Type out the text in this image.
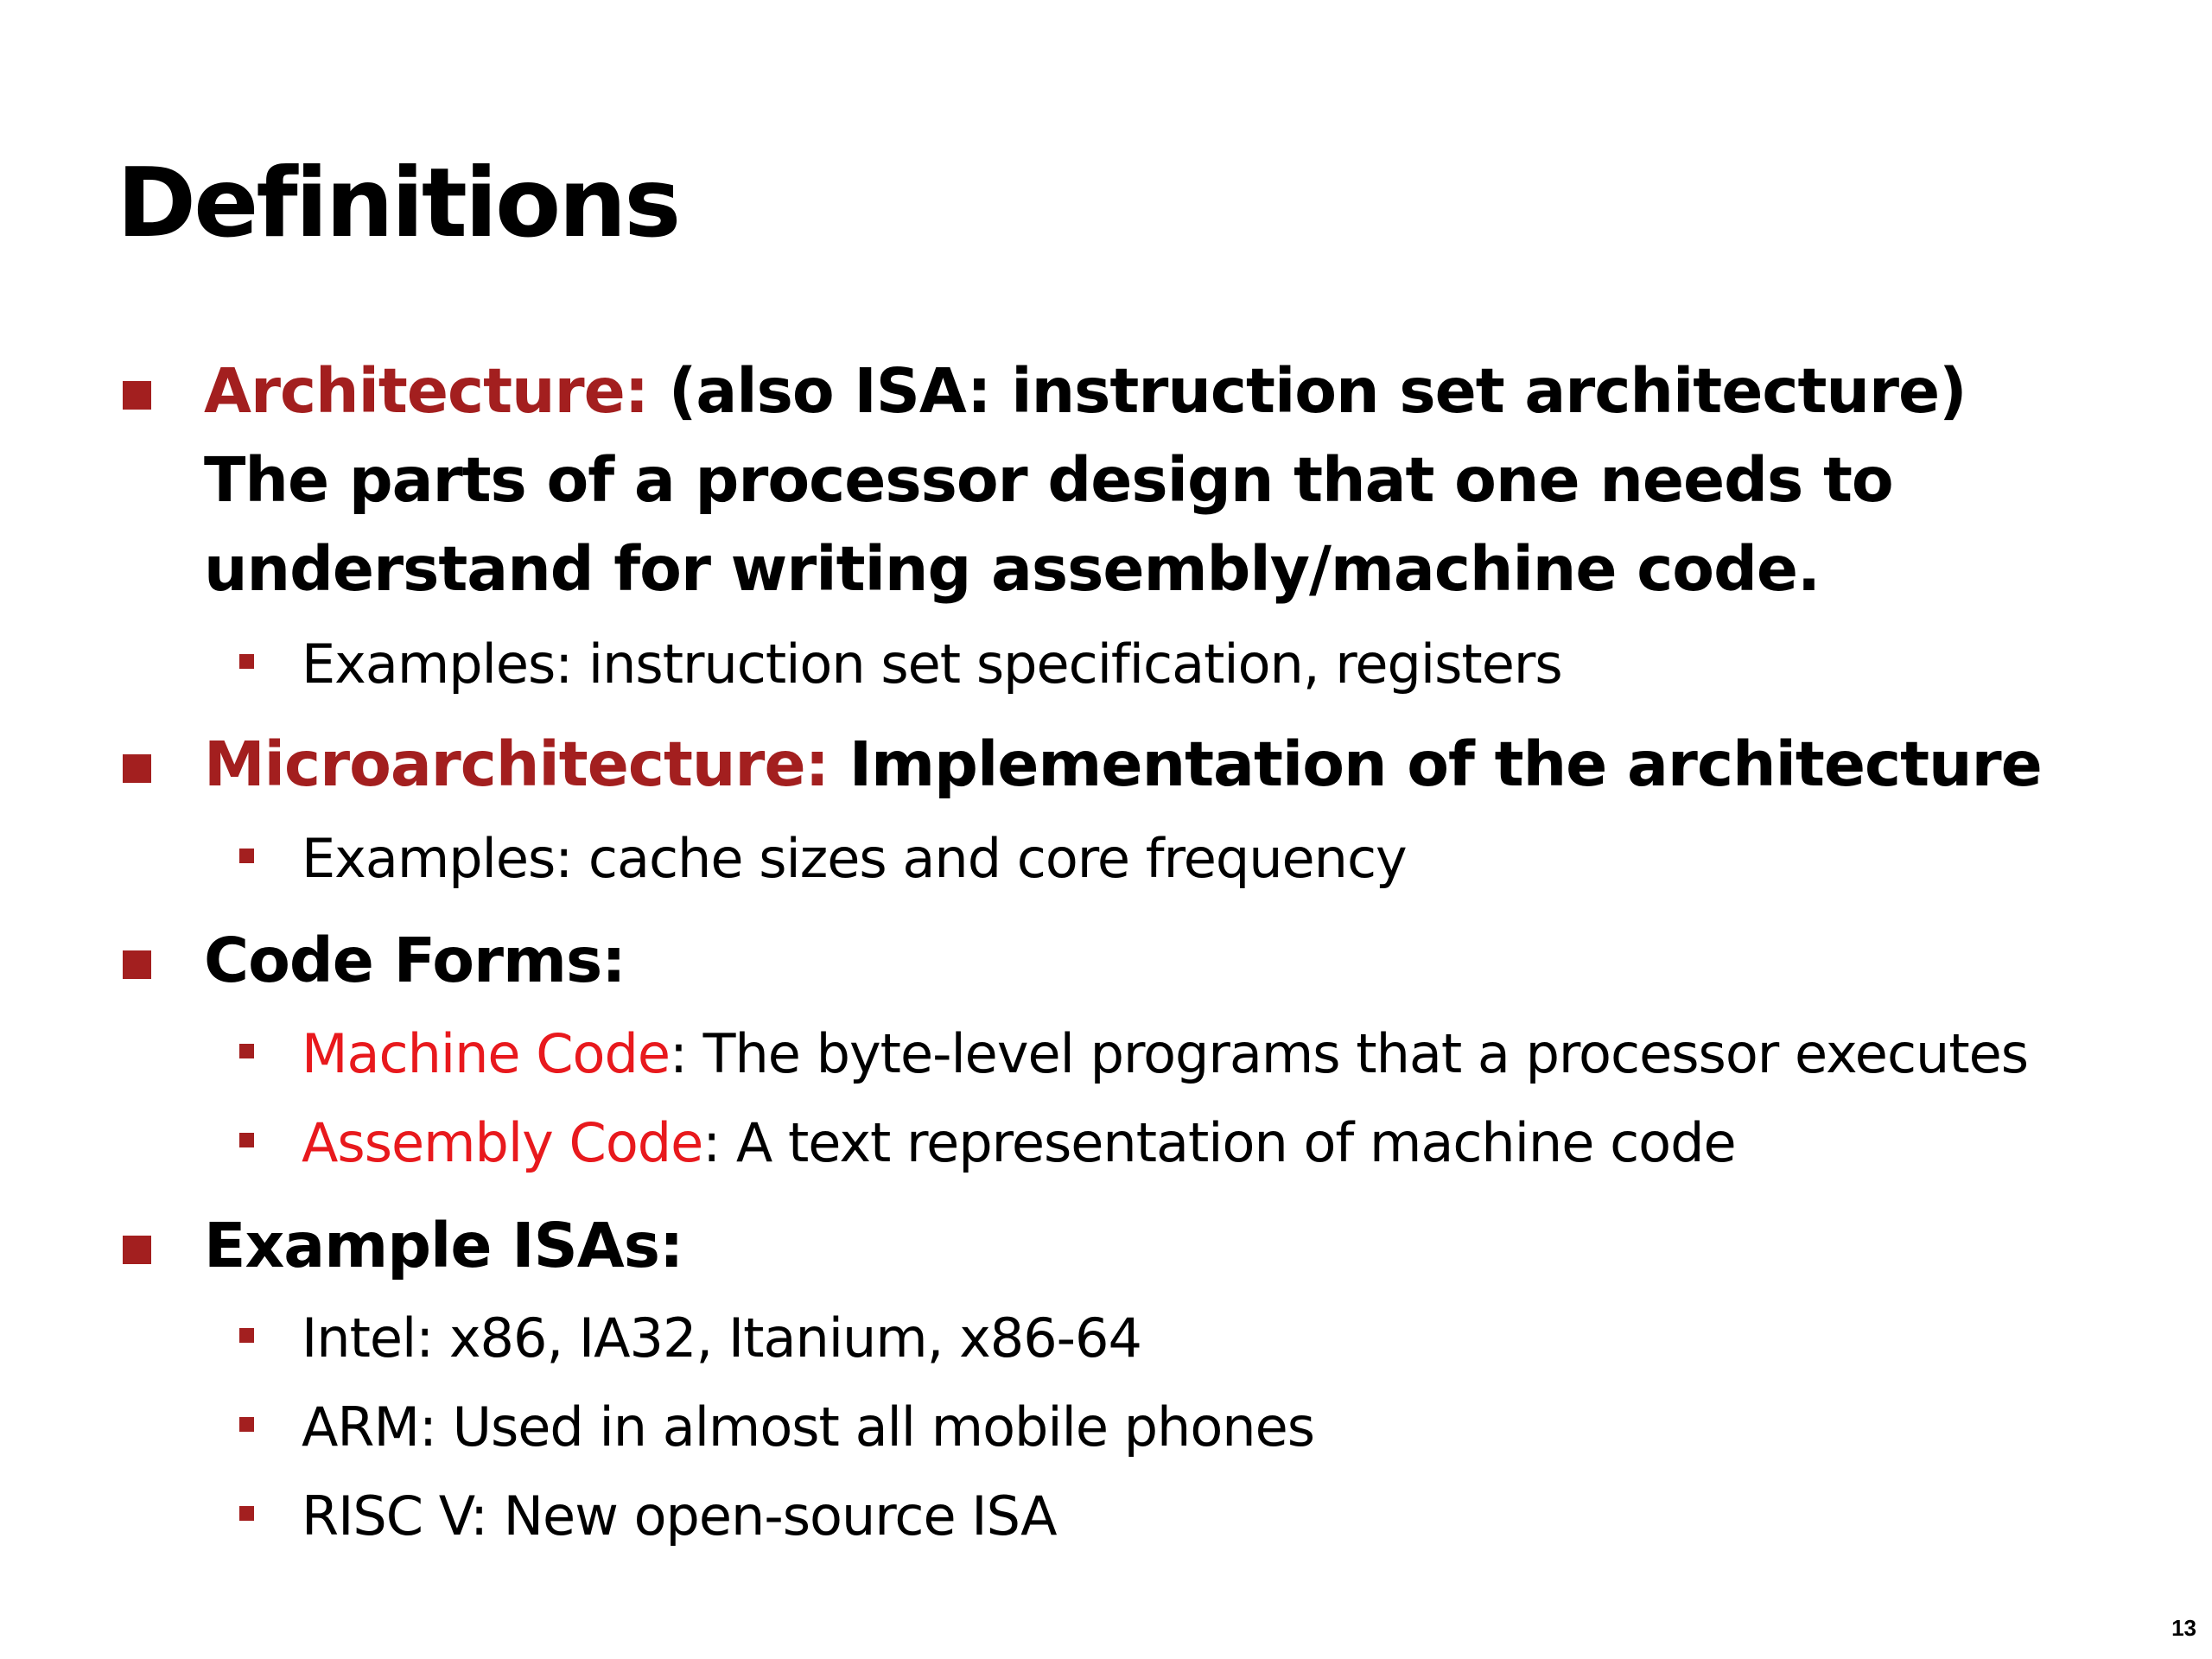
Definitions
Architecture: (also ISA: instruction set architecture) The parts of a processor design that one needs to understand for writing assembly/machine code.
Examples: instruction set specification, registers
Microarchitecture: Implementation of the architecture
Examples: cache sizes and core frequency
Code Forms:
Machine Code: The byte-level programs that a processor executes
Assembly Code: A text representation of machine code
Example ISAs:
Intel: x86, IA32, Itanium, x86-64
ARM: Used in almost all mobile phones
RISC V: New open-source ISA
13
